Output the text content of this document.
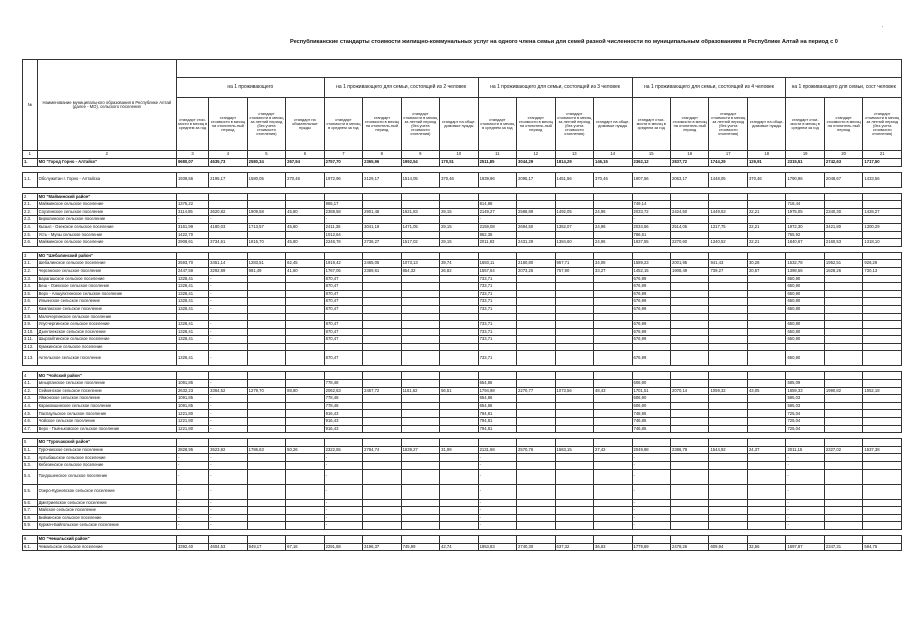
'
Республиканские стандарты стоимости жилищно-коммунальных услуг на одного члена семьи для семей разной численности по муниципальным образованиям в Республике Алтай на период с 0
№	Наименование муниципального образования в Республике Алтай (далее - МО), сельского поселения																			
		на 1 проживающего				на 1 проживающего для семьи, состоящей из 2 человек				на 1 проживающего для семьи, состоящей из 3 человек				на 1 проживающего для семьи, состоящей из 4 человек				на 1 проживающего для семьи, сост человек		
		стандарт стои-мости в месяц в среднем за год	стандарт стоимости в месяц на отопитель-ный период	стандарт стоимости в месяц за летний период (без учета стоимости отопления)	стандарт на обязательные нужды	стандарт стоимости в месяц в среднем за год	стандарт стоимости в месяц на отопитель-ный период	стандарт стоимости в месяц за летний период (без учета стоимости отопления)	стандарт на обще-домовые нужды	стандарт стоимости в месяц в среднем за год	стандарт стоимости в месяц на отопитель-ный период	стандарт стоимости в месяц за летний период (без учета стоимости отопления)	стандарт на обще-домовые нужды	стандарт стои-мости в месяц в среднем за год	стандарт стоимости в месяц на отопитель-ный период	стандарт стоимости в месяц за летний период (без учета стоимости отопления)	стандарт на обще-домовые нужды	стандарт стои-мости в месяц в среднем за год	стандарт стоимости в месяц на отопитель-ный период	стандарт стоимости в месяц за летний период (без учета стоимости отопления)
1	2	3	4	5	6	7	8	9	10	11	12	13	14	15	16	17	18	19	20	21
1.	МО "Город Горно - Алтайск"	9680,07	4635,73	2580,34	267,94	2757,70	2365,96	1992,54	170,51	2511,85	3044,29	1814,29	146,15	2362,12	2837,72	1744,29	129,91	2315,51	2742,63	1717,50

1.1.	Обслужитан г. Горно - Алтайска	1939,56	2195,17	1580,05	270,46	1972,96	2129,17	1514,05	370,46	1939,96	2095,17	1451,56	370,46	1907,56	2063,17	1448,05	370,46	1790,96	2048,67	1433,56

2	МО "Майминский район"																			
2.1.	Майминское сельское поселение	1375,22				965,17				814,88				749,14				718,44		
2.2.	Соузгинское сельское поселение	3114,85	3620,82	1909,58	45,80	2388,58	2901,48	1621,83	29,15	2149,27	2588,89	1492,05	24,96	2033,72	2424,50	1449,53	22,21	1975,05	2340,30	1428,27
2.3.	Бирюлинское сельское поселение	-	-			-				-				-				-		
2.4.	Кызыл - Озекское сельское поселение	3161,99	4180,03	1713,57	45,80	2411,36	3041,19	1471,05	29,15	2159,08	2694,50	1352,07	24,96	2034,56	2514,05	1317,75	22,21	1972,30	3421,80	1300,29
2.5.	Усть - Муны сельское поселение	1422,70				1012,64				862,36				786,61				765,92		
2.6.	Майминское сельское поселение	2908,61	3734,61	1815,70	45,80	2246,76	2736,27	1517,02	29,15	2011,83	2431,29	1384,60	24,96	1837,55	2270,60	1340,52	22,21	1840,67	2160,53	1318,10

3	МО "Шебалинский район"																			
3.1.	Шебалинское сельское поселение	2593,70	3451,14	1283,51	62,45	1919,42	2465,05	1073,13	39,74	1693,11	2160,80	957,71	34,08	1589,23	2001,95	941,43	30,28	1532,78	1952,51	926,29
3.2.	Черганское сельское поселение	2447,59	3292,89	981,49	41,60	1767,05	2389,61	854,32	26,82	1557,64	2073,25	757,90	33,27	1452,15	1908,49	739,27	20,57	1398,56	1828,26	730,13
3.3.	Барагашское сельское поселение	1328,41	-			870,47				733,71				676,99				650,80		
3.4.	Беш - Озекское сельское поселение	1328,41	-			870,47				733,71				676,99				650,80		
3.5.	Верх - Апшуяхтинское сельское поселение	1328,41	-			870,47				733,71				676,99				650,80		
3.6.	Ильинское сельское поселение	1328,41	-			870,47				733,71				676,99				650,80		
3.7.	Камлакское сельское поселение	1328,41	-			870,47				733,71				676,99				650,80		
3.8.	Малочергинское сельское поселение																			
3.9.	Улусчергинское сельское поселение	1328,41	-			870,47				733,71				676,99				650,80		
3.10.	Дъектиекское сельское поселение	1328,41	-			870,47				733,71				676,99				650,80		
3.11.	Шыргайтинское сельское поселение	1328,41	-			870,47				733,71				676,99				650,80		
3.12.	Кумжинское сельское поселение																			
3.13.	Актельское сельское поселение	1328,41	-			870,47				733,71				676,99				650,80		

4	МО "Чойский район"																			
4.1.	Ынырганское сельское поселение	1091,85	-			778,48				654,86				606,90				585,09		
4.2.	Сейкинское сельское поселение	2632,23	3364,52	1279,70	88,80	2062,63	2467,72	1161,62	56,51	1794,98	2270,77	1073,56	48,43	1701,51	2070,14	1059,32	43,05	1659,33	1990,82	1052,18
4.3.	Уймонское сельское поселение	1091,85	-			778,48				654,86				606,90				585,03		
4.4.	Каракокшинское сельское поселение	1091,85	-			778,48				654,86				606,90				585,03		
4.5.	Паспаульское сельское поселение	1221,80	-			916,43				794,81				748,95				725,04		
4.6.	Чойское сельское поселение	1221,80	-			916,43				794,81				746,85				725,04		
4.7.	Верх - Пьяньковское сельское поселение	1221,80	-			916,43				794,81				746,85				725,04		

5	МО "Турочакский район"																			
5.1.	Турочакское сельское поселение	2828,95	3523,82	1786,63	50,26	2322,55	2784,74	1639,27	31,99	2131,68	2570,76	1563,15	27,42	2049,88	2386,78	1544,92	24,37	2011,15	2327,02	1537,38
5.2.	Артыбашское сельское поселение	-	-			-				-				-				-		
5.3.	Кебезенское сельское поселение	-	-			-				-				-				-		
5.4.	Тондошенское сельское поселение	-	-			-				-				-				-		
5.5.	Озеро-Куреевское сельское поселение	-	-			-				-				-				-		
5.6.	Дмитриевское сельское поселение	-	-			-				-				-				-		
5.7.	Майское сельское поселение	-	-			-				-				-				-		
5.8.	Бийкинское сельское поселение	-	-			-				-				-				-		
5.9.	Курмач-Байгольское сельское поселение	-	-			-				-				-				-		

6	МО "Чемальский район"																			
6.1.	Чемальское сельское поселение	3392,40	4604,53	949,17	67,16	2291,68	3196,37	745,99	42,74	1953,83	2740,30	637,32	36,63	1779,69	2478,26	609,94	32,56	1697,87	2347,31	594,75
